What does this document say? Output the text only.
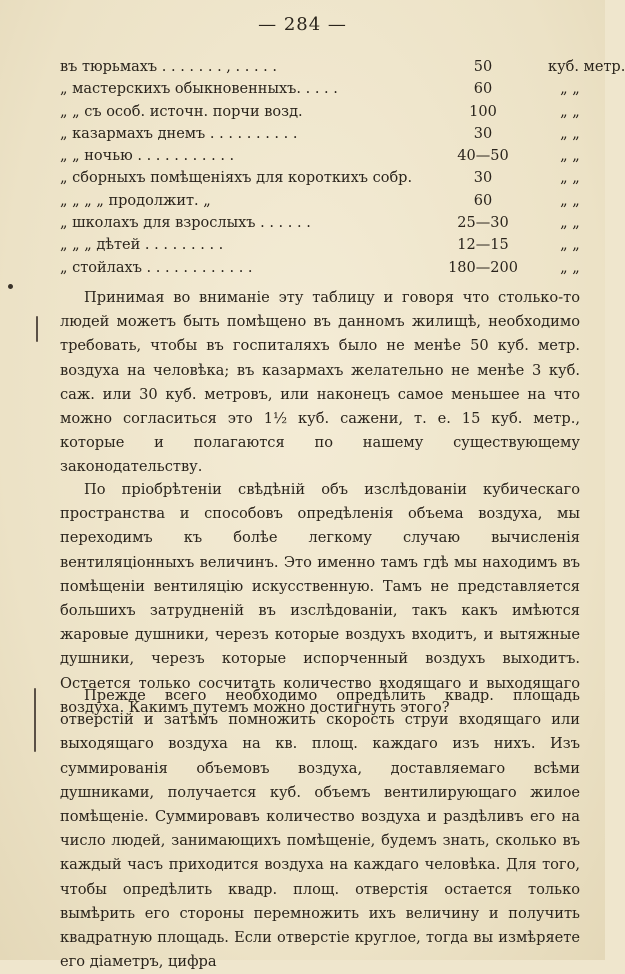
— 284 —
въ тюрьмахъ . . . . . . . , . . . . .	50	куб. метр.
„ мастерскихъ обыкновенныхъ. . . . .	60	„ „
„ „ съ особ. источн. порчи возд.	100	„ „
„ казармахъ днемъ . . . . . . . . . .	30	„ „
„ „ ночью . . . . . . . . . . .	40—50	„ „
„ сборныхъ помѣщеніяхъ для короткихъ собр.	30	„ „
„ „ „ „ продолжит. „	60	„ „
„ школахъ для взрослыхъ . . . . . .	25—30	„ „
„ „ „ дѣтей . . . . . . . . .	12—15	„ „
„ стойлахъ . . . . . . . . . . . .	180—200	„ „

Принимая во вниманіе эту таблицу и говоря что столько-то людей можетъ быть помѣщено въ данномъ жилищѣ, необходимо требовать, чтобы въ госпиталяхъ было не менѣе 50 куб. метр. воздуха на человѣка; въ казармахъ желательно не менѣе 3 куб. саж. или 30 куб. метровъ, или наконецъ самое меньшее на что можно согласиться это 1½ куб. сажени, т. е. 15 куб. метр., которые и полагаются по нашему существующему законодательству.

По пріобрѣтеніи свѣдѣній объ изслѣдованіи кубическаго пространства и способовъ опредѣленія объема воздуха, мы переходимъ къ болѣе легкому случаю вычисленія вентиляціонныхъ величинъ. Это именно тамъ гдѣ мы находимъ въ помѣщеніи вентиляцію искусственную. Тамъ не представляется большихъ затрудненій въ изслѣдованіи, такъ какъ имѣются жаровые душники, черезъ которые воздухъ входитъ, и вытяжные душники, черезъ которые испорченный воздухъ выходитъ. Остается только сосчитать количество входящаго и выходящаго воздуха. Какимъ путемъ можно достигнуть этого?

Прежде всего необходимо опредѣлить квадр. площадь отверстій и затѣмъ помножить скорость струи входящаго или выходящаго воздуха на кв. площ. каждаго изъ нихъ. Изъ суммированія объемовъ воздуха, доставляемаго всѣми душниками, получается куб. объемъ вентилирующаго жилое помѣщеніе. Суммировавъ количество воздуха и раздѣливъ его на число людей, занимающихъ помѣщеніе, будемъ знать, сколько въ каждый часъ приходится воздуха на каждаго человѣка. Для того, чтобы опредѣлить квадр. площ. отверстія остается только вымѣрить его стороны перемножить ихъ величину и получить квадратную площадь. Если отверстіе круглое, тогда вы измѣряете его діаметръ, цифра
